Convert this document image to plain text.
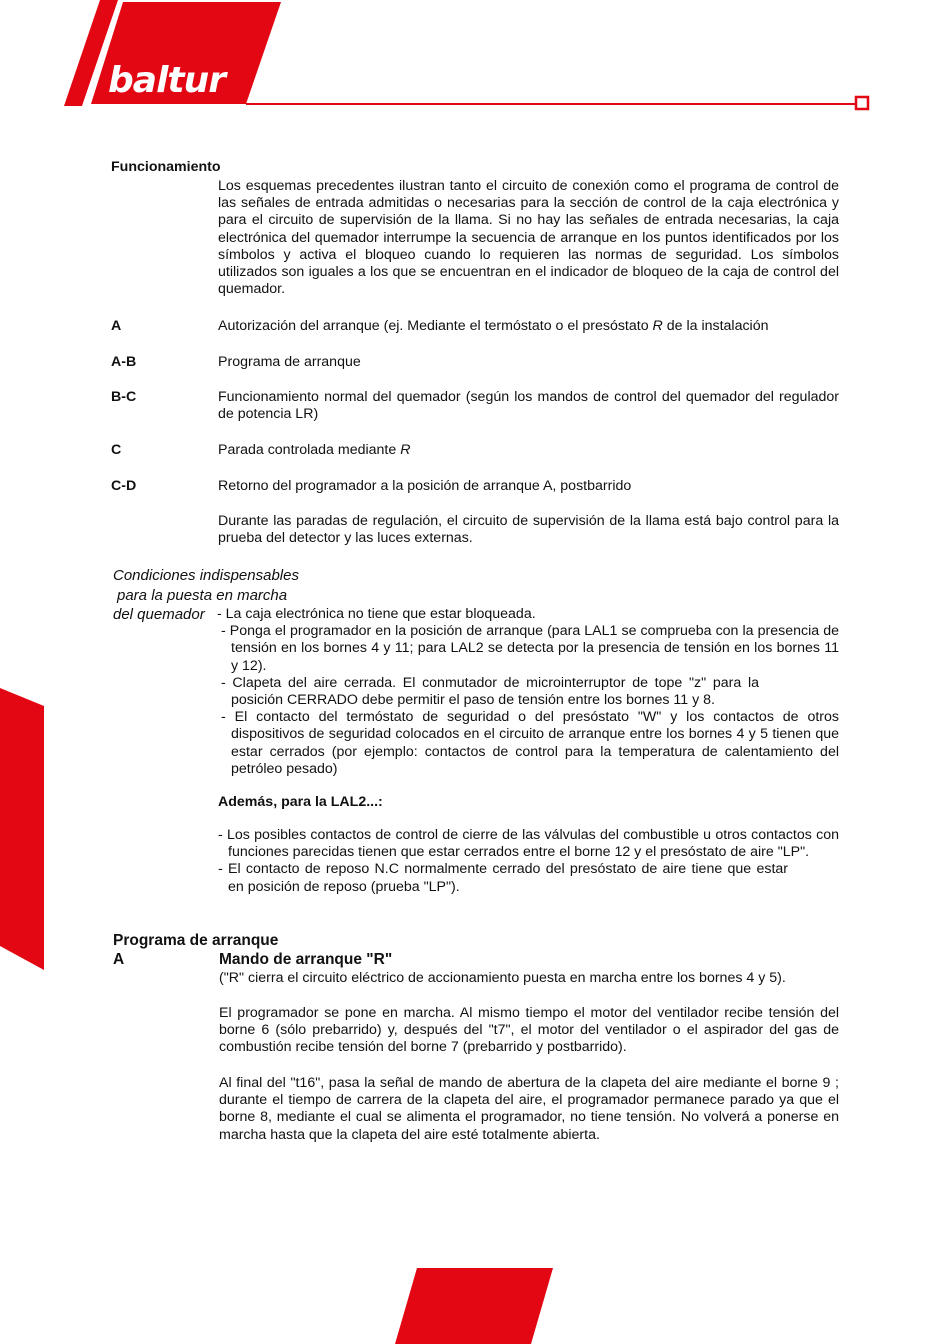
baltur
Funcionamiento

Los esquemas precedentes ilustran tanto el circuito de conexión como el programa de control de las señales de entrada admitidas o necesarias para la sección de control de la caja electrónica y para el circuito de supervisión de la llama. Si no hay las señales de entrada necesarias, la caja electrónica del quemador interrumpe la secuencia de arranque en los puntos identificados por los símbolos y activa el bloqueo cuando lo requieren las normas de seguridad. Los símbolos utilizados son iguales a los que se encuentran en el indicador de bloqueo de la caja de control del quemador.

A	Autorización del arranque (ej. Mediante el termóstato o el presóstato R de la instalación

A-B	Programa de arranque

B-C	Funcionamiento normal del quemador (según los mandos de control del quemador del regulador de potencia LR)

C	Parada controlada mediante R

C-D	Retorno del programador a la posición de arranque A, postbarrido

Durante las paradas de regulación, el circuito de supervisión de la llama está bajo control para la prueba del detector y las luces externas.

Condiciones indispensables
para la puesta en marcha
del quemador - La caja electrónica no tiene que estar bloqueada.

- Ponga el programador en la posición de arranque (para LAL1 se comprueba con la presencia de tensión en los bornes 4 y 11; para LAL2 se detecta por la presencia de tensión en los bornes 11 y 12).

- Clapeta del aire cerrada. El conmutador de microinterruptor de tope "z" para la posición CERRADO debe permitir el paso de tensión entre los bornes 11 y 8.

- El contacto del termóstato de seguridad o del presóstato "W" y los contactos de otros dispositivos de seguridad colocados en el circuito de arranque entre los bornes 4 y 5 tienen que estar cerrados (por ejemplo: contactos de control para la temperatura de calentamiento del petróleo pesado)

Además, para la LAL2...:

- Los posibles contactos de control de cierre de las válvulas del combustible u otros contactos con funciones parecidas tienen que estar cerrados entre el borne 12 y el presóstato de aire "LP".

- El contacto de reposo N.C normalmente cerrado del presóstato de aire tiene que estar en posición de reposo (prueba "LP").

Programa de arranque
A	Mando de arranque "R"

("R" cierra el circuito eléctrico de accionamiento puesta en marcha entre los bornes 4 y 5).

El programador se pone en marcha. Al mismo tiempo el motor del ventilador recibe tensión del borne 6 (sólo prebarrido) y, después del "t7", el motor del ventilador o el aspirador del gas de combustión recibe tensión del borne 7 (prebarrido y postbarrido).

Al final del "t16", pasa la señal de mando de abertura de la clapeta del aire mediante el borne 9 ; durante el tiempo de carrera de la clapeta del aire, el programador permanece parado ya que el borne 8, mediante el cual se alimenta el programador, no tiene tensión. No volverá a ponerse en marcha hasta que la clapeta del aire esté totalmente abierta.
